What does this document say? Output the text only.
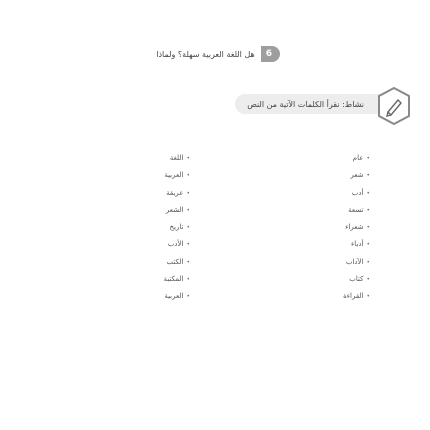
6
هل اللغة العربية سهلة؟ ولماذا
نشاط: نقرأ الكلمات الآتية من النص
•
عام
•
شعر
•
أدب
•
تسعة
•
شعراء
•
أدباء
•
الآداب
•
كتاب
•
القراءة
•
اللغة
•
العربية
•
عريقة
•
الشعر
•
تاريخ
•
الأدب
•
الكتب
•
المكتبة
•
العربية
